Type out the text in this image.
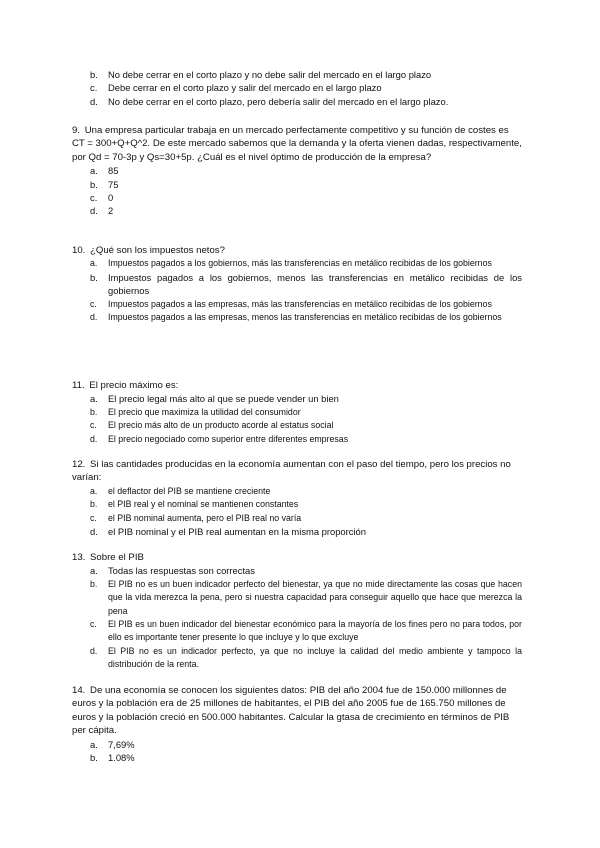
b. No debe cerrar en el corto plazo y no debe salir del mercado en el largo plazo
c. Debe cerrar en el corto plazo y salir del mercado en el largo plazo
d. No debe cerrar en el corto plazo, pero debería salir del mercado en el largo plazo.

9. Una empresa particular trabaja en un mercado perfectamente competitivo y su función de costes es CT = 300+Q+Q^2. De este mercado sabemos que la demanda y la oferta vienen dadas, respectivamente, por Qd = 70-3p y Qs=30+5p. ¿Cuál es el nivel óptimo de producción de la empresa?

a. 85
b. 75
c. 0
d. 2

10. ¿Qué son los impuestos netos?

a. Impuestos pagados a los gobiernos, más las transferencias en metálico recibidas de los gobiernos
b. Impuestos pagados a los gobiernos, menos las transferencias en metálico recibidas de los gobiernos
c. Impuestos pagados a las empresas, más las transferencias en metálico recibidas de los gobiernos
d. Impuestos pagados a las empresas, menos las transferencias en metálico recibidas de los gobiernos

11. El precio máximo es:

a. El precio legal más alto al que se puede vender un bien
b. El precio que maximiza la utilidad del consumidor
c. El precio más alto de un producto acorde al estatus social
d. El precio negociado como superior entre diferentes empresas

12. Si las cantidades producidas en la economía aumentan con el paso del tiempo, pero los precios no varían:

a. el deflactor del PIB se mantiene creciente
b. el PIB real y el nominal se mantienen constantes
c. el PIB nominal aumenta, pero el PIB real no varía
d. el PIB nominal y el PIB real aumentan en la misma proporción

13. Sobre el PIB

a. Todas las respuestas son correctas
b. El PIB no es un buen indicador perfecto del bienestar, ya que no mide directamente las cosas que hacen que la vida merezca la pena, pero si nuestra capacidad para conseguir aquello que hace que merezca la pena
c. El PIB es un buen indicador del bienestar económico para la mayoría de los fines pero no para todos, por ello es importante tener presente lo que incluye y lo que excluye
d. El PIB no es un indicador perfecto, ya que no incluye la calidad del medio ambiente y tampoco la distribución de la renta.

14. De una economía se conocen los siguientes datos: PIB del año 2004 fue de 150.000 millonnes de euros y la población era de 25 millones de habitantes, el PIB del año 2005 fue de 165.750 millones de euros y la población creció en 500.000 habitantes. Calcular la gtasa de crecimiento en términos de PIB per cápita.

a. 7,69%
b. 1.08%
